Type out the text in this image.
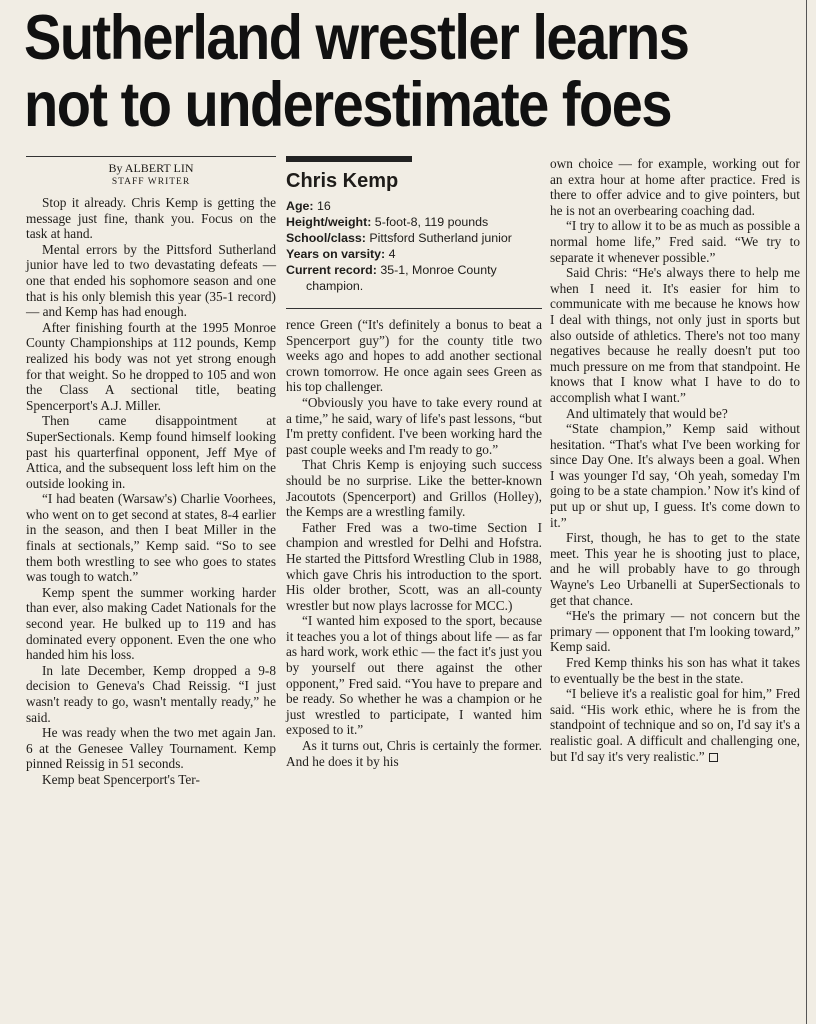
Sutherland wrestler learns
not to underestimate foes
By ALBERT LIN
STAFF WRITER

Stop it already. Chris Kemp is getting the message just fine, thank you. Focus on the task at hand.

Mental errors by the Pittsford Sutherland junior have led to two devastating defeats — one that ended his sophomore season and one that is his only blemish this year (35-1 record) — and Kemp has had enough.

After finishing fourth at the 1995 Monroe County Championships at 112 pounds, Kemp realized his body was not yet strong enough for that weight. So he dropped to 105 and won the Class A sectional title, beating Spencerport's A.J. Miller.

Then came disappointment at SuperSectionals. Kemp found himself looking past his quarterfinal opponent, Jeff Mye of Attica, and the subsequent loss left him on the outside looking in.

“I had beaten (Warsaw's) Charlie Voorhees, who went on to get second at states, 8-4 earlier in the season, and then I beat Miller in the finals at sectionals,” Kemp said. “So to see them both wrestling to see who goes to states was tough to watch.”

Kemp spent the summer working harder than ever, also making Cadet Nationals for the second year. He bulked up to 119 and has dominated every opponent. Even the one who handed him his loss.

In late December, Kemp dropped a 9-8 decision to Geneva's Chad Reissig. “I just wasn't ready to go, wasn't mentally ready,” he said.

He was ready when the two met again Jan. 6 at the Genesee Valley Tournament. Kemp pinned Reissig in 51 seconds.

Kemp beat Spencerport's Ter-

Chris Kemp
Age: 16
Height/weight: 5-foot-8, 119 pounds
School/class: Pittsford Sutherland junior
Years on varsity: 4
Current record: 35-1, Monroe County champion.

rence Green (“It's definitely a bonus to beat a Spencerport guy”) for the county title two weeks ago and hopes to add another sectional crown tomorrow. He once again sees Green as his top challenger.

“Obviously you have to take every round at a time,” he said, wary of life's past lessons, “but I'm pretty confident. I've been working hard the past couple weeks and I'm ready to go.”

That Chris Kemp is enjoying such success should be no surprise. Like the better-known Jacoutots (Spencerport) and Grillos (Holley), the Kemps are a wrestling family.

Father Fred was a two-time Section I champion and wrestled for Delhi and Hofstra. He started the Pittsford Wrestling Club in 1988, which gave Chris his introduction to the sport. His older brother, Scott, was an all-county wrestler but now plays lacrosse for MCC.)

“I wanted him exposed to the sport, because it teaches you a lot of things about life — as far as hard work, work ethic — the fact it's just you by yourself out there against the other opponent,” Fred said. “You have to prepare and be ready. So whether he was a champion or he just wrestled to participate, I wanted him exposed to it.”

As it turns out, Chris is certainly the former. And he does it by his

own choice — for example, working out for an extra hour at home after practice. Fred is there to offer advice and to give pointers, but he is not an overbearing coaching dad.

“I try to allow it to be as much as possible a normal home life,” Fred said. “We try to separate it whenever possible.”

Said Chris: “He's always there to help me when I need it. It's easier for him to communicate with me because he knows how I deal with things, not only just in sports but also outside of athletics. There's not too many negatives because he really doesn't put too much pressure on me from that standpoint. He knows that I know what I have to do to accomplish what I want.”

And ultimately that would be?

“State champion,” Kemp said without hesitation. “That's what I've been working for since Day One. It's always been a goal. When I was younger I'd say, ‘Oh yeah, someday I'm going to be a state champion.’ Now it's kind of put up or shut up, I guess. It's come down to it.”

First, though, he has to get to the state meet. This year he is shooting just to place, and he will probably have to go through Wayne's Leo Urbanelli at SuperSectionals to get that chance.

“He's the primary — not concern but the primary — opponent that I'm looking toward,” Kemp said.

Fred Kemp thinks his son has what it takes to eventually be the best in the state.

“I believe it's a realistic goal for him,” Fred said. “His work ethic, where he is from the standpoint of technique and so on, I'd say it's a realistic goal. A difficult and challenging one, but I'd say it's very realistic.”
